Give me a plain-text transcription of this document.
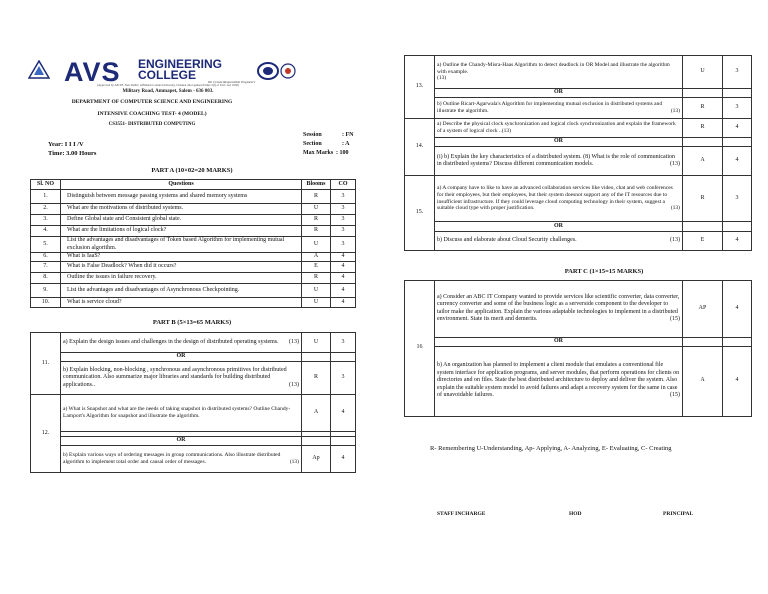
AVS ENGINEERING
COLLEGE	We Create Responsible Engineers
(Approved by AICTE, New Delhi | Affiliated to Anna University, Chennai | Recognised Under 2(f) of UGC Act 1956)
Military Road, Ammapet, Salem - 636 003.
DEPARTMENT OF COMPUTER SCIENCE AND ENGINEERING
INTENSIVE COACHING TEST- 4 (MODEL)
CS3551- DISTRIBUTED COMPUTING
Year: I I I /V
Time: 3.00 Hours
Session	: FN
Section	: A
Max Marks : 100
PART A (10×02=20 MARKS)
Sl. NO	Questions	Blooms	CO
1.	Distinguish between message passing systems and shared memory systems	R	3
2.	What are the motivations of distributed systems.	U	3
3.	Define Global state and Consistent global state.	R	3
4.	What are the limitations of logical clock?	R	3
5.	List the advantages and disadvantages of Token based Algorithm for implementing mutual exclusion algorithm.	U	3
6.	What is IaaS?	A	4
7.	What is False Deadlock? When did it occurs?	E	4
8.	Outline the issues in failure recovery.	R	4
9.	List the advantages and disadvantages of Asynchronous Checkpointing.	U	4
10.	What is service cloud?	U	4
PART B (5×13=65 MARKS)
11.	a) Explain the design issues and challenges in the design of distributed operating systems. (13)	U	3
	OR		
	b) Explain blocking, non-blocking , synchronous and asynchronous primitives for distributed communication. Also summarize major libraries and standards for building distributed applications.. (13)	R	3
12.	a) What is Snapshot and what are the needs of taking snapshot in distributed systems? Outline Chandy-Lamport's Algorithm for snapshot and illustrate the algorithm.	A	4

	OR		
	b) Explain various ways of ordering messages in group communications. Also illustrate distributed algorithm to implement total order and causal order of messages. (13)	Ap	4
13.	a) Outline the Chandy-Misra-Haas Algorithm to detect deadlock in OR Model and illustrate the algorithm with example.
(13)	U	3
	OR		
	b) Outline Ricart-Agarwala's Algorithm for implementing mutual exclusion in distributed systems and illustrate the algorithm. (13)	R	3
14.	a) Describe the physical clock synchronization and logical clock synchronization and explain the framework of a system of logical clock ..(13)	R	4
	OR		
	(i) b) Explain the key characteristics of a distributed system. (8) What is the role of communication in distributed systems? Discuss different communication models. (13)	A	4
15.	a) A company have to like to have an advanced collaboration services like video, chat and web conferences for their employees, but their employees, but their system doesnot support any of the IT resources due to insufficient infrastructure. If they could leverage cloud computing technology in their system, suggest a suitable cloud type with proper justification. (13)	R	3
	OR		
	b) Discuss and elaborate about Cloud Security challenges. (13)	E	4
PART C (1×15=15 MARKS)

16	a) Consider an ABC IT Company wanted to provide services like scientific converter, data converter, currency converter and some of the business logic as a serverside component to the developer to tailor make the application. Explain the various adaptable technologies to implement in a distributed environment. State its merit and demerits. (15)	AP	4
	OR		
	b) An organization has planned to implement a client module that emulates a conventional file system interface for application programs, and server modules, that perform operations for clients on directories and on files. State the best distributed architecture to deploy and deliver the system. Also explain the suitable system model to avoid failures and adapt a recovery system for the same in case of unavoidable failures. (15)	A	4
R- Remembering U-Understanding, Ap- Applying, A- Analyzing, E- Evaluating, C- Creating
STAFF INCHARGE	HOD	PRINCIPAL
